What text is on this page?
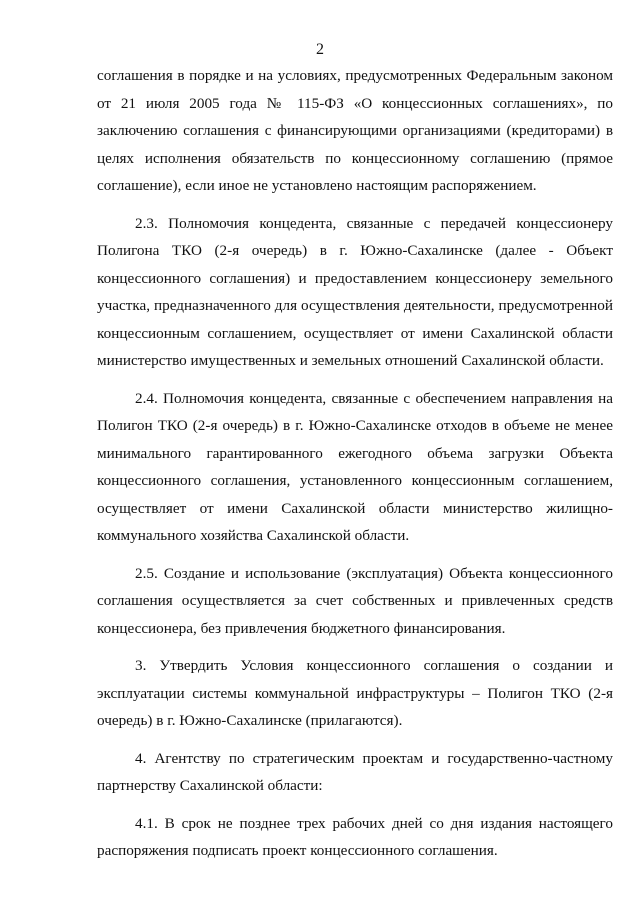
2

соглашения в порядке и на условиях, предусмотренных Федеральным законом от 21 июля 2005 года № 115-ФЗ «О концессионных соглашениях», по заключению соглашения с финансирующими организациями (кредиторами) в целях исполнения обязательств по концессионному соглашению (прямое соглашение), если иное не установлено настоящим распоряжением.

2.3. Полномочия концедента, связанные с передачей концессионеру Полигона ТКО (2-я очередь) в г. Южно-Сахалинске (далее - Объект концессионного соглашения) и предоставлением концессионеру земельного участка, предназначенного для осуществления деятельности, предусмотренной концессионным соглашением, осуществляет от имени Сахалинской области министерство имущественных и земельных отношений Сахалинской области.

2.4. Полномочия концедента, связанные с обеспечением направления на Полигон ТКО (2-я очередь) в г. Южно-Сахалинске отходов в объеме не менее минимального гарантированного ежегодного объема загрузки Объекта концессионного соглашения, установленного концессионным соглашением, осуществляет от имени Сахалинской области министерство жилищно-коммунального хозяйства Сахалинской области.

2.5. Создание и использование (эксплуатация) Объекта концессионного соглашения осуществляется за счет собственных и привлеченных средств концессионера, без привлечения бюджетного финансирования.

3. Утвердить Условия концессионного соглашения о создании и эксплуатации системы коммунальной инфраструктуры – Полигон ТКО (2-я очередь) в г. Южно-Сахалинске (прилагаются).

4. Агентству по стратегическим проектам и государственно-частному партнерству Сахалинской области:

4.1. В срок не позднее трех рабочих дней со дня издания настоящего распоряжения подписать проект концессионного соглашения.
